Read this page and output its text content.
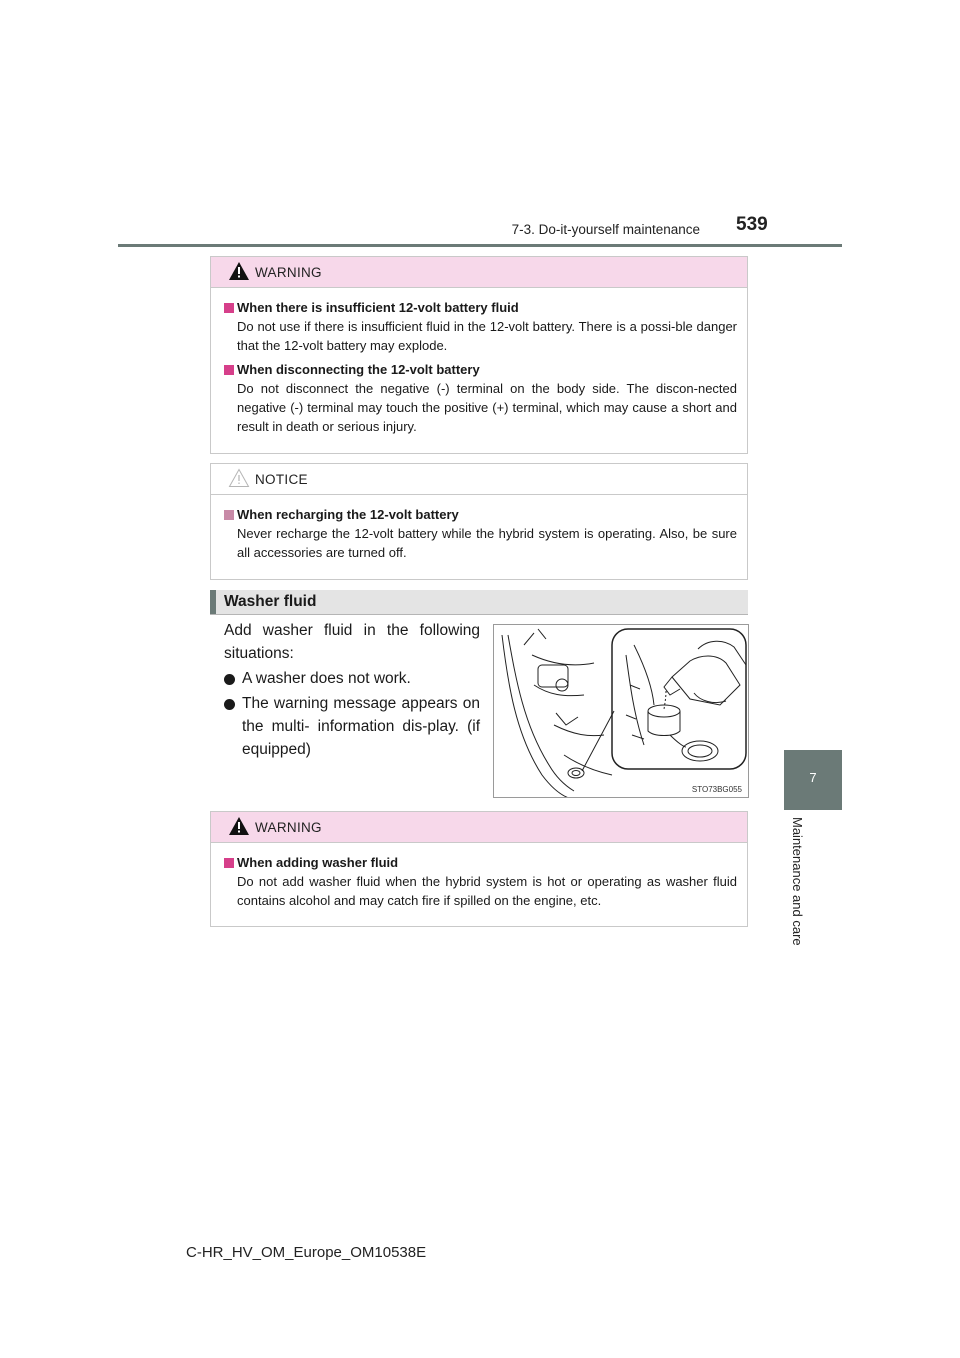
7-3. Do-it-yourself maintenance 539
7
Maintenance and care
WARNING
When there is insufficient 12-volt battery fluid
Do not use if there is insufficient fluid in the 12-volt battery. There is a possi-ble danger that the 12-volt battery may explode.
When disconnecting the 12-volt battery
Do not disconnect the negative (-) terminal on the body side. The discon-nected negative (-) terminal may touch the positive (+) terminal, which may cause a short and result in death or serious injury.
NOTICE
When recharging the 12-volt battery
Never recharge the 12-volt battery while the hybrid system is operating. Also, be sure all accessories are turned off.
Washer fluid
Add washer fluid in the following situations:
A washer does not work.
The warning message appears on the multi- information dis-play. (if equipped)
STO73BG055
WARNING
When adding washer fluid
Do not add washer fluid when the hybrid system is hot or operating as washer fluid contains alcohol and may catch fire if spilled on the engine, etc.
C-HR_HV_OM_Europe_OM10538E
